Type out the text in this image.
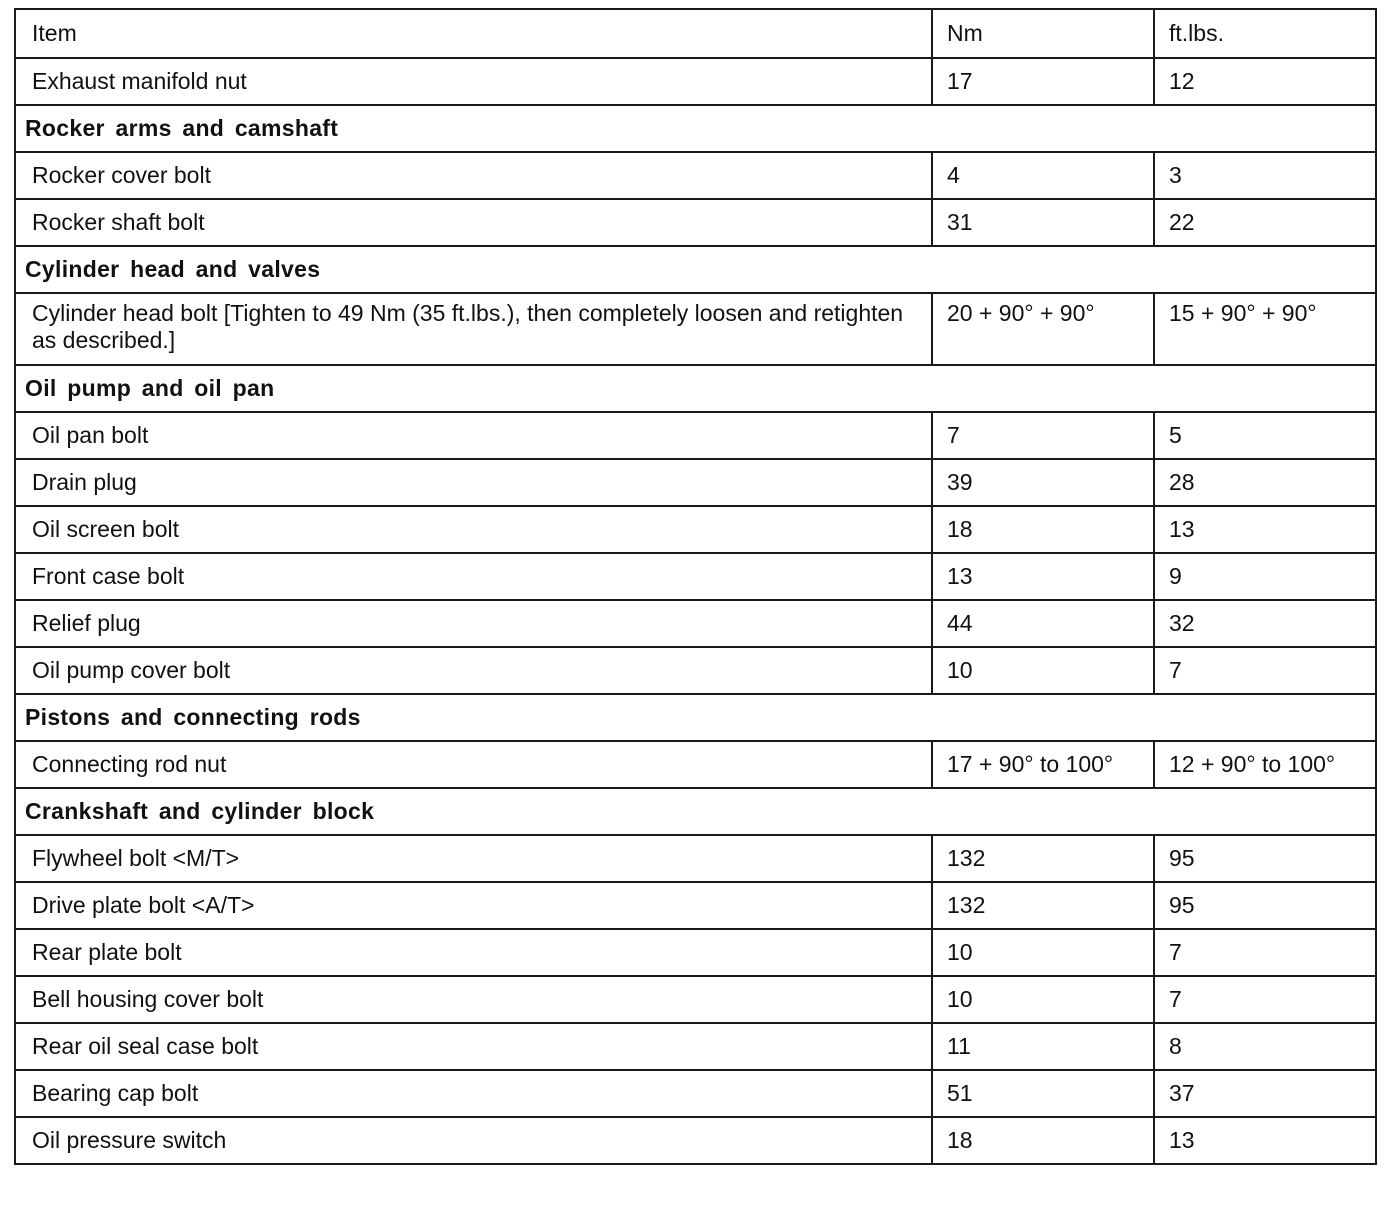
Item	Nm	ft.lbs.
Exhaust manifold nut	17	12
Rocker arms and camshaft		
Rocker cover bolt	4	3
Rocker shaft bolt	31	22
Cylinder head and valves		
Cylinder head bolt [Tighten to 49 Nm (35 ft.lbs.), then completely loosen and retighten as described.]	20 + 90° + 90°	15 + 90° + 90°
Oil pump and oil pan		
Oil pan bolt	7	5
Drain plug	39	28
Oil screen bolt	18	13
Front case bolt	13	9
Relief plug	44	32
Oil pump cover bolt	10	7
Pistons and connecting rods		
Connecting rod nut	17 + 90° to 100°	12 + 90° to 100°
Crankshaft and cylinder block		
Flywheel bolt <M/T>	132	95
Drive plate bolt <A/T>	132	95
Rear plate bolt	10	7
Bell housing cover bolt	10	7
Rear oil seal case bolt	11	8
Bearing cap bolt	51	37
Oil pressure switch	18	13
